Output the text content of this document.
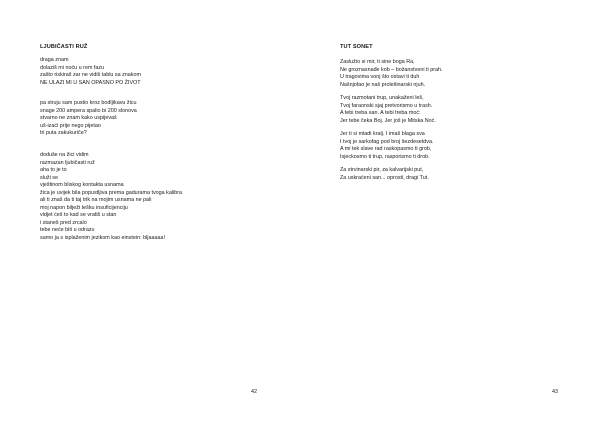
LJUBIČASTI RUŽ
draga znam
dolaziš mi noću u rem fazu
zašto riskiraš zar ne vidiš tablu sa znakom
NE ULAZI MI U SAN OPASNO PO ŽIVOT
pa struju sam pustio kroz bodljikavu žicu
snage 200 ampera spalio bi 200 slonova
stvarno ne znam kako uspijevaš
uš-izaći prije nego pijetao
tri puta zakukuriče?
doduše na žici vidim
razmazan ljubičasti ruž
aha to je to
služi se
vještinom bliskog kontakta usnama
žica je uvijek bila popustljiva prema gadurama tvoga kalibra
ali ti znaš da ti taj trik na mojim usnama ne pali
moj napon bilježi tešku insuficijenciju
vidjet ćeš to kad se vratiš u stan
i staneš pred zrcalo
tebe neće biti u odrazu
samo ja s isplaženim jezikom kao einstein: bljaaaaa!
42
TUT SONET
Zaslužio si mir, ti sine boga Ra,
Ne groznasnađe kob – božanstveni ti prah.
U tragovima vonj što ostavi ti duh
Našnjofao je naš prolešinarski njuh.
Tvoj razmotani trup, unakaženi leš,
Tvoj faraonski sjaj pretvorismo u trash.
A tebi treba san. A tebi treba moć:
Jer tebe čeka Boj. Jer još je Mitska Noć.
Jer ti si mladi kralj. I imaš blaga sva
I tvoj je sarkofag pod broj šezdesetdva.
A mi tek slave rad raskopasmo ti grob,
Isjeckosmo ti trup, rasporismo ti drob.
Za strvinarski pir, za kalvarijski put,
Za uskraćeni san... oprosti, dragi Tut.
43
